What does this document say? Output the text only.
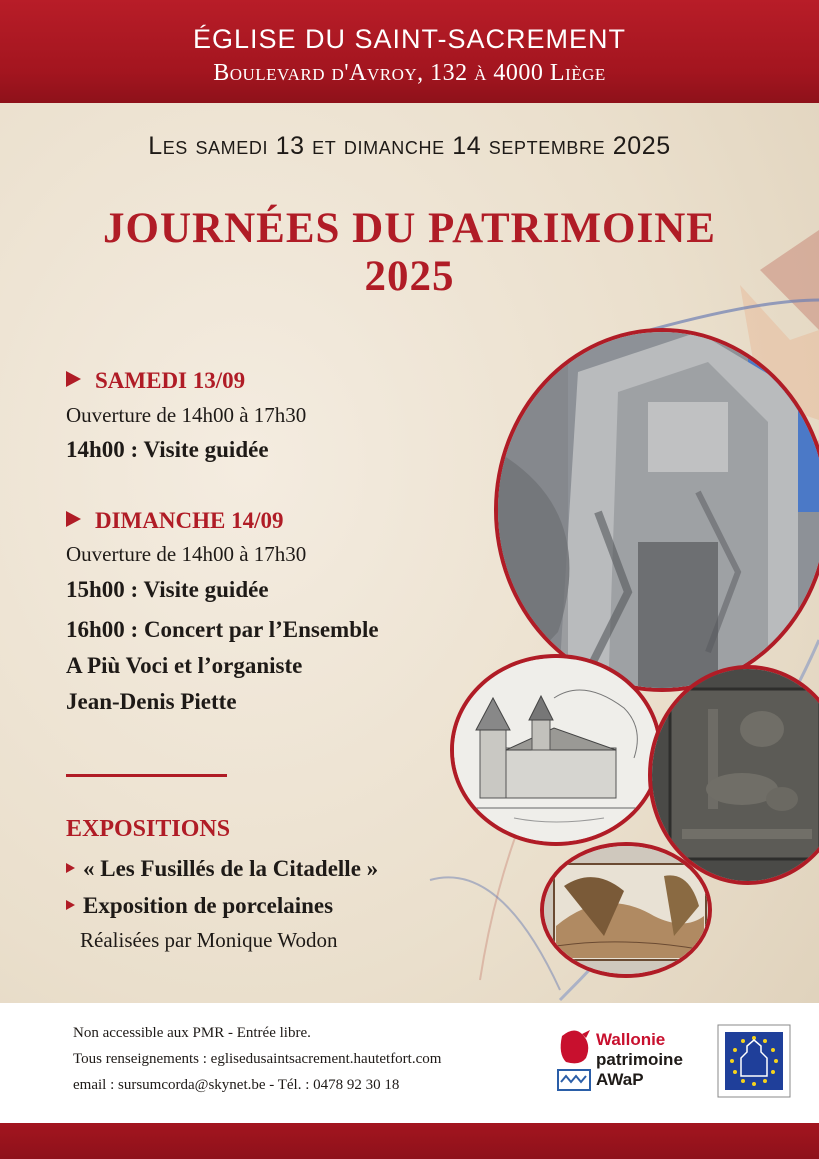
ÉGLISE DU SAINT-SACREMENT
Boulevard d'Avroy, 132 à 4000 Liège
Les samedi 13 et dimanche 14 septembre 2025
JOURNÉES DU PATRIMOINE
2025
SAMEDI 13/09
Ouverture de 14h00 à 17h30
14h00 : Visite guidée
DIMANCHE 14/09
Ouverture de 14h00 à 17h30
15h00 : Visite guidée
16h00 : Concert par l’Ensemble
A Più Voci et l’organiste
Jean-Denis Piette
EXPOSITIONS
« Les Fusillés de la Citadelle »
Exposition de porcelaines
Réalisées par Monique Wodon
Non accessible aux PMR - Entrée libre.
Tous renseignements : eglisedusaintsacrement.hautetfort.com
email : sursumcorda@skynet.be - Tél. : 0478 92 30 18
Wallonie
patrimoine
AWaP
